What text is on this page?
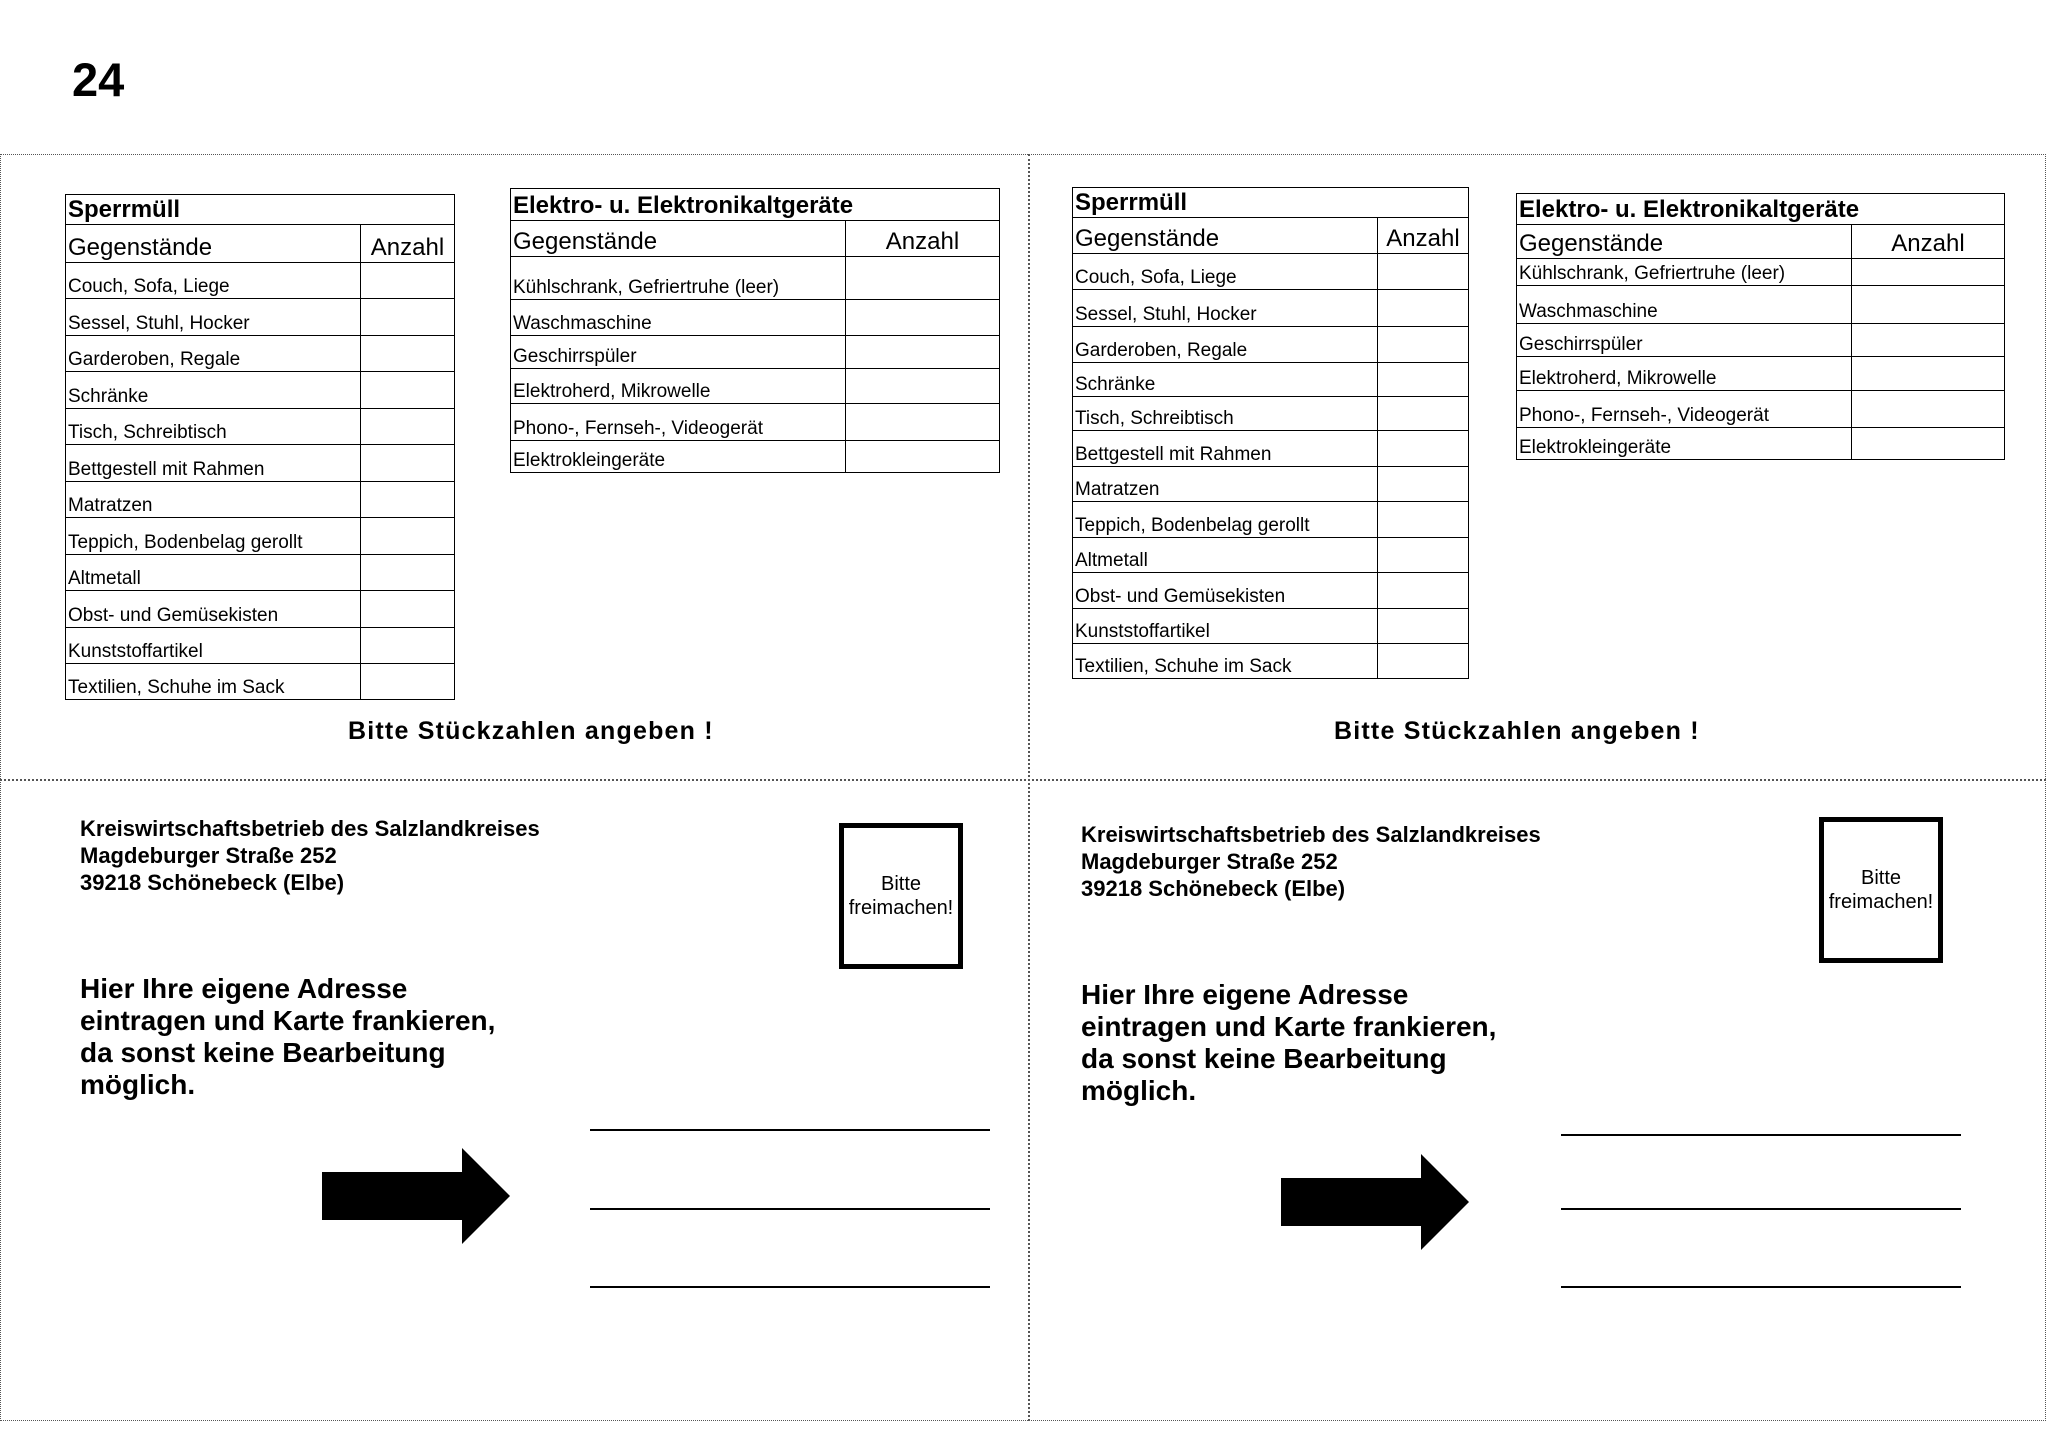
24
Sperrmüll	
Gegenstände	Anzahl
Couch, Sofa, Liege	
Sessel, Stuhl, Hocker	
Garderoben, Regale	
Schränke	
Tisch, Schreibtisch	
Bettgestell mit Rahmen	
Matratzen	
Teppich, Bodenbelag gerollt	
Altmetall	
Obst- und Gemüsekisten	
Kunststoffartikel	
Textilien, Schuhe im Sack	
Elektro- u. Elektronikaltgeräte	
Gegenstände	Anzahl
Kühlschrank, Gefriertruhe (leer)	
Waschmaschine	
Geschirrspüler	
Elektroherd, Mikrowelle	
Phono-, Fernseh-, Videogerät	
Elektrokleingeräte	
Bitte Stückzahlen angeben !
Kreiswirtschaftsbetrieb des Salzlandkreises
Magdeburger Straße 252
39218 Schönebeck (Elbe)	Bitte
freimachen!
Hier Ihre eigene Adresse
eintragen und Karte frankieren,
da sonst keine Bearbeitung
möglich.
Sperrmüll	
Gegenstände	Anzahl
Couch, Sofa, Liege	
Sessel, Stuhl, Hocker	
Garderoben, Regale	
Schränke	
Tisch, Schreibtisch	
Bettgestell mit Rahmen	
Matratzen	
Teppich, Bodenbelag gerollt	
Altmetall	
Obst- und Gemüsekisten	
Kunststoffartikel	
Textilien, Schuhe im Sack	
Elektro- u. Elektronikaltgeräte	
Gegenstände	Anzahl
Kühlschrank, Gefriertruhe (leer)	
Waschmaschine	
Geschirrspüler	
Elektroherd, Mikrowelle	
Phono-, Fernseh-, Videogerät	
Elektrokleingeräte	
Bitte Stückzahlen angeben !
Kreiswirtschaftsbetrieb des Salzlandkreises
Magdeburger Straße 252
39218 Schönebeck (Elbe)	Bitte
freimachen!
Hier Ihre eigene Adresse
eintragen und Karte frankieren,
da sonst keine Bearbeitung
möglich.
